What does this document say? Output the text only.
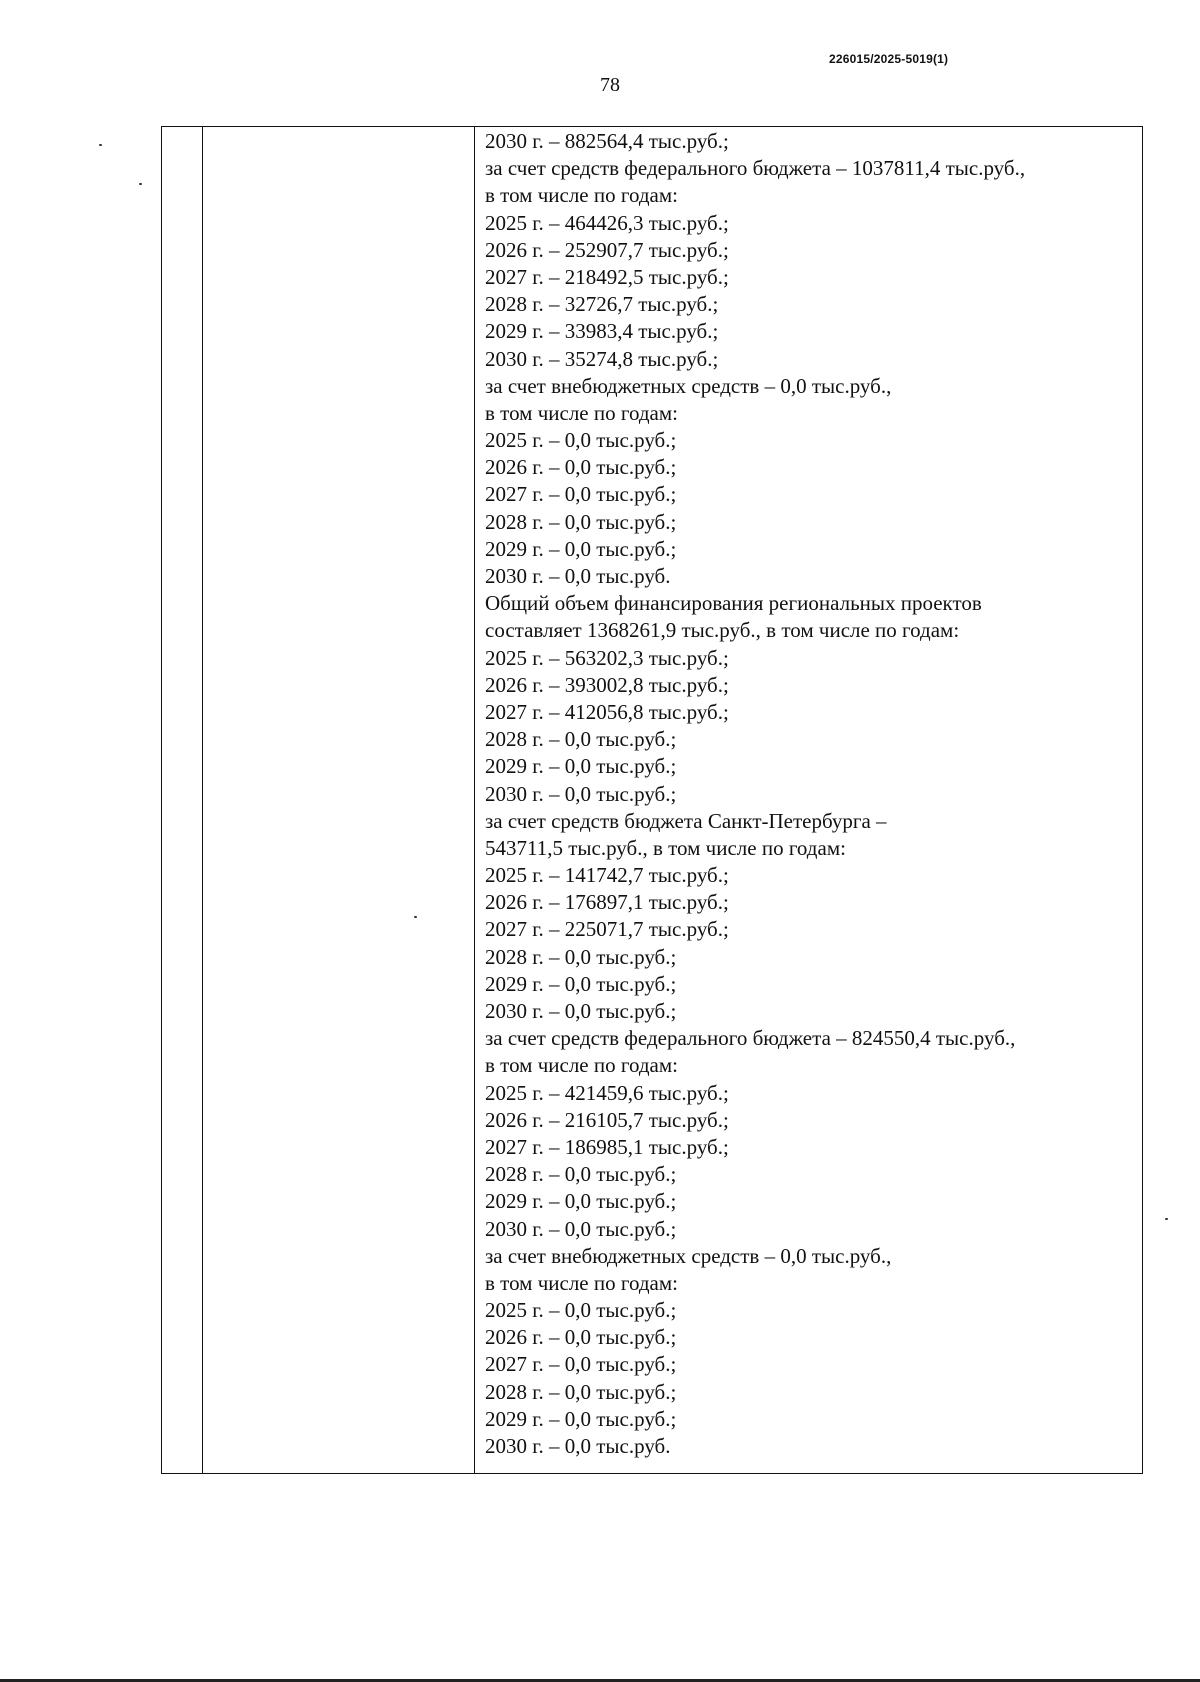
226015/2025-5019(1)
78
2030 г. – 882564,4 тыс.руб.;
за счет средств федерального бюджета – 1037811,4 тыс.руб.,
в том числе по годам:
2025 г. – 464426,3 тыс.руб.;
2026 г. – 252907,7 тыс.руб.;
2027 г. – 218492,5 тыс.руб.;
2028 г. – 32726,7 тыс.руб.;
2029 г. – 33983,4 тыс.руб.;
2030 г. – 35274,8 тыс.руб.;
за счет внебюджетных средств – 0,0 тыс.руб.,
в том числе по годам:
2025 г. – 0,0 тыс.руб.;
2026 г. – 0,0 тыс.руб.;
2027 г. – 0,0 тыс.руб.;
2028 г. – 0,0 тыс.руб.;
2029 г. – 0,0 тыс.руб.;
2030 г. – 0,0 тыс.руб.
Общий объем финансирования региональных проектов
составляет 1368261,9 тыс.руб., в том числе по годам:
2025 г. – 563202,3 тыс.руб.;
2026 г. – 393002,8 тыс.руб.;
2027 г. – 412056,8 тыс.руб.;
2028 г. – 0,0 тыс.руб.;
2029 г. – 0,0 тыс.руб.;
2030 г. – 0,0 тыс.руб.;
за счет средств бюджета Санкт-Петербурга –
543711,5 тыс.руб., в том числе по годам:
2025 г. – 141742,7 тыс.руб.;
2026 г. – 176897,1 тыс.руб.;
2027 г. – 225071,7 тыс.руб.;
2028 г. – 0,0 тыс.руб.;
2029 г. – 0,0 тыс.руб.;
2030 г. – 0,0 тыс.руб.;
за счет средств федерального бюджета – 824550,4 тыс.руб.,
в том числе по годам:
2025 г. – 421459,6 тыс.руб.;
2026 г. – 216105,7 тыс.руб.;
2027 г. – 186985,1 тыс.руб.;
2028 г. – 0,0 тыс.руб.;
2029 г. – 0,0 тыс.руб.;
2030 г. – 0,0 тыс.руб.;
за счет внебюджетных средств – 0,0 тыс.руб.,
в том числе по годам:
2025 г. – 0,0 тыс.руб.;
2026 г. – 0,0 тыс.руб.;
2027 г. – 0,0 тыс.руб.;
2028 г. – 0,0 тыс.руб.;
2029 г. – 0,0 тыс.руб.;
2030 г. – 0,0 тыс.руб.
